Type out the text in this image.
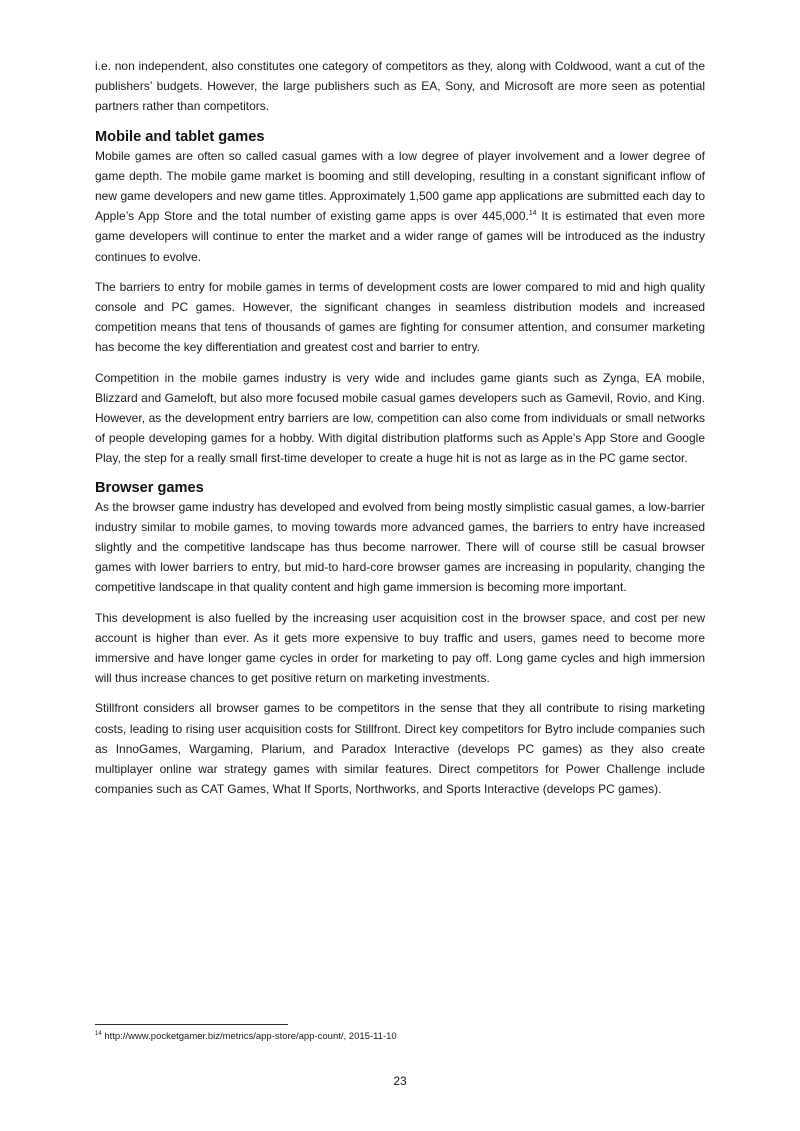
i.e. non independent, also constitutes one category of competitors as they, along with Coldwood, want a cut of the publishers’ budgets. However, the large publishers such as EA, Sony, and Microsoft are more seen as potential partners rather than competitors.

Mobile and tablet games

Mobile games are often so called casual games with a low degree of player involvement and a lower degree of game depth. The mobile game market is booming and still developing, resulting in a constant significant inflow of new game developers and new game titles. Approximately 1,500 game app applications are submitted each day to Apple’s App Store and the total number of existing game apps is over 445,000.14 It is estimated that even more game developers will continue to enter the market and a wider range of games will be introduced as the industry continues to evolve.

The barriers to entry for mobile games in terms of development costs are lower compared to mid and high quality console and PC games. However, the significant changes in seamless distribution models and increased competition means that tens of thousands of games are fighting for consumer attention, and consumer marketing has become the key differentiation and greatest cost and barrier to entry.

Competition in the mobile games industry is very wide and includes game giants such as Zynga, EA mobile, Blizzard and Gameloft, but also more focused mobile casual games developers such as Gamevil, Rovio, and King. However, as the development entry barriers are low, competition can also come from individuals or small networks of people developing games for a hobby. With digital distribution platforms such as Apple’s App Store and Google Play, the step for a really small first-time developer to create a huge hit is not as large as in the PC game sector.

Browser games

As the browser game industry has developed and evolved from being mostly simplistic casual games, a low-barrier industry similar to mobile games, to moving towards more advanced games, the barriers to entry have increased slightly and the competitive landscape has thus become narrower. There will of course still be casual browser games with lower barriers to entry, but mid-to hard-core browser games are increasing in popularity, changing the competitive landscape in that quality content and high game immersion is becoming more important.

This development is also fuelled by the increasing user acquisition cost in the browser space, and cost per new account is higher than ever. As it gets more expensive to buy traffic and users, games need to become more immersive and have longer game cycles in order for marketing to pay off. Long game cycles and high immersion will thus increase chances to get positive return on marketing investments.

Stillfront considers all browser games to be competitors in the sense that they all contribute to rising marketing costs, leading to rising user acquisition costs for Stillfront. Direct key competitors for Bytro include companies such as InnoGames, Wargaming, Plarium, and Paradox Interactive (develops PC games) as they also create multiplayer online war strategy games with similar features. Direct competitors for Power Challenge include companies such as CAT Games, What If Sports, Northworks, and Sports Interactive (develops PC games).

$^{14}$ http://www.pocketgamer.biz/metrics/app-store/app-count/, 2015-11-10
23
